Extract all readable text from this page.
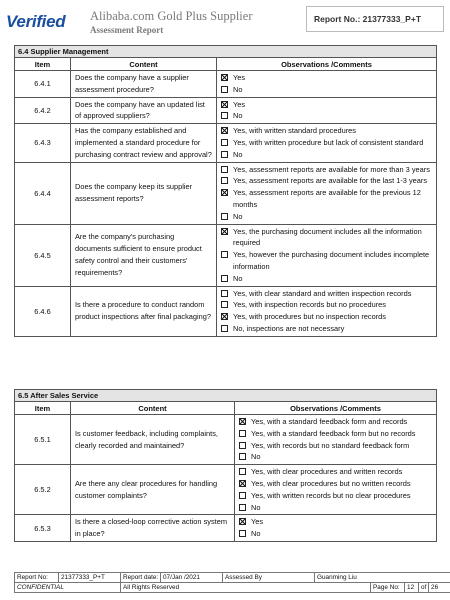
Verified Alibaba.com Gold Plus Supplier
Assessment Report
Report No.: 21377333_P+T
6.4 Supplier Management		
Item	Content	Observations /Comments
6.4.1	Does the company have a supplier assessment procedure?	Yes
No

6.4.2	Does the company have an updated list of approved suppliers?	Yes
No

6.4.3	Has the company established and implemented a standard procedure for purchasing contract review and approval?	Yes, with written standard procedures
Yes, with written procedure but lack of consistent standard
No

6.4.4	Does the company keep its supplier assessment reports?	Yes, assessment reports are available for more than 3 years
Yes, assessment reports are available for the last 1-3 years
Yes, assessment reports are available for the previous 12 months
No

6.4.5	Are the company's purchasing documents sufficient to ensure product safety control and their customers' requirements?	Yes, the purchasing document includes all the information required
Yes, however the purchasing document includes incomplete information
No

6.4.6	Is there a procedure to conduct random product inspections after final packaging?	Yes, with clear standard and written inspection records
Yes, with inspection records but no procedures
Yes, with procedures but no inspection records
No, inspections are not necessary
6.5 After Sales Service		
Item	Content	Observations /Comments
6.5.1	Is customer feedback, including complaints, clearly recorded and maintained?	Yes, with a standard feedback form and records
Yes, with a standard feedback form but no records
Yes, with records but no standard feedback form
No

6.5.2	Are there any clear procedures for handling customer complaints?	Yes, with clear procedures and written records
Yes, with clear procedures but no written records
Yes, with written records but no clear procedures
No

6.5.3	Is there a closed-loop corrective action system in place?	Yes
No
Report No:	21377333_P+T	Report date:	07/Jan /2021	Assessed By	Guanming Liu				
CONFIDENTIAL		All Rights Reserved				Page No:	12	of	26
